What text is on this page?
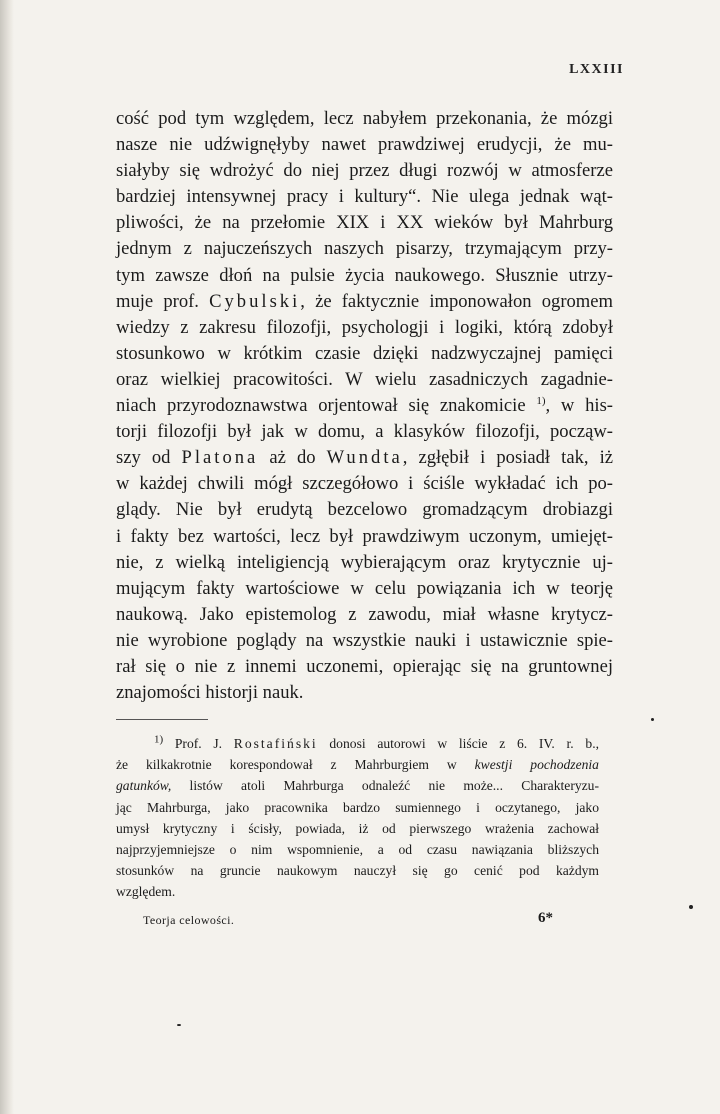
LXXIII
cość pod tym względem, lecz nabyłem przekonania, że mózgi
nasze nie udźwignęłyby nawet prawdziwej erudycji, że mu-
siałyby się wdrożyć do niej przez długi rozwój w atmosferze
bardziej intensywnej pracy i kultury“. Nie ulega jednak wąt-
pliwości, że na przełomie XIX i XX wieków był Mahrburg
jednym z najuczeńszych naszych pisarzy, trzymającym przy-
tym zawsze dłoń na pulsie życia naukowego. Słusznie utrzy-
muje prof. Cybulski, że faktycznie imponowałon ogromem
wiedzy z zakresu filozofji, psychologji i logiki, którą zdobył
stosunkowo w krótkim czasie dzięki nadzwyczajnej pamięci
oraz wielkiej pracowitości. W wielu zasadniczych zagadnie-
niach przyrodoznawstwa orjentował się znakomicie $^{1)}$, w his-
torji filozofji był jak w domu, a klasyków filozofji, począw-
szy od Platona aż do Wundta, zgłębił i posiadł tak, iż
w każdej chwili mógł szczegółowo i ściśle wykładać ich po-
glądy. Nie był erudytą bezcelowo gromadzącym drobiazgi
i fakty bez wartości, lecz był prawdziwym uczonym, umiejęt-
nie, z wielką inteligiencją wybierającym oraz krytycznie uj-
mującym fakty wartościowe w celu powiązania ich w teorję
naukową. Jako epistemolog z zawodu, miał własne krytycz-
nie wyrobione poglądy na wszystkie nauki i ustawicznie spie-
rał się o nie z innemi uczonemi, opierając się na gruntownej
znajomości historji nauk.
$^{1)}$ Prof. J. Rostafiński donosi autorowi w liście z 6. IV. r. b.,
że kilkakrotnie korespondował z Mahrburgiem w kwestji pochodzenia
gatunków, listów atoli Mahrburga odnaleźć nie może... Charakteryzu-
jąc Mahrburga, jako pracownika bardzo sumiennego i oczytanego, jako
umysł krytyczny i ścisły, powiada, iż od pierwszego wrażenia zachował
najprzyjemniejsze o nim wspomnienie, a od czasu nawiązania bliższych
stosunków na gruncie naukowym nauczył się go cenić pod każdym
względem.
Teorja celowości.	6*
